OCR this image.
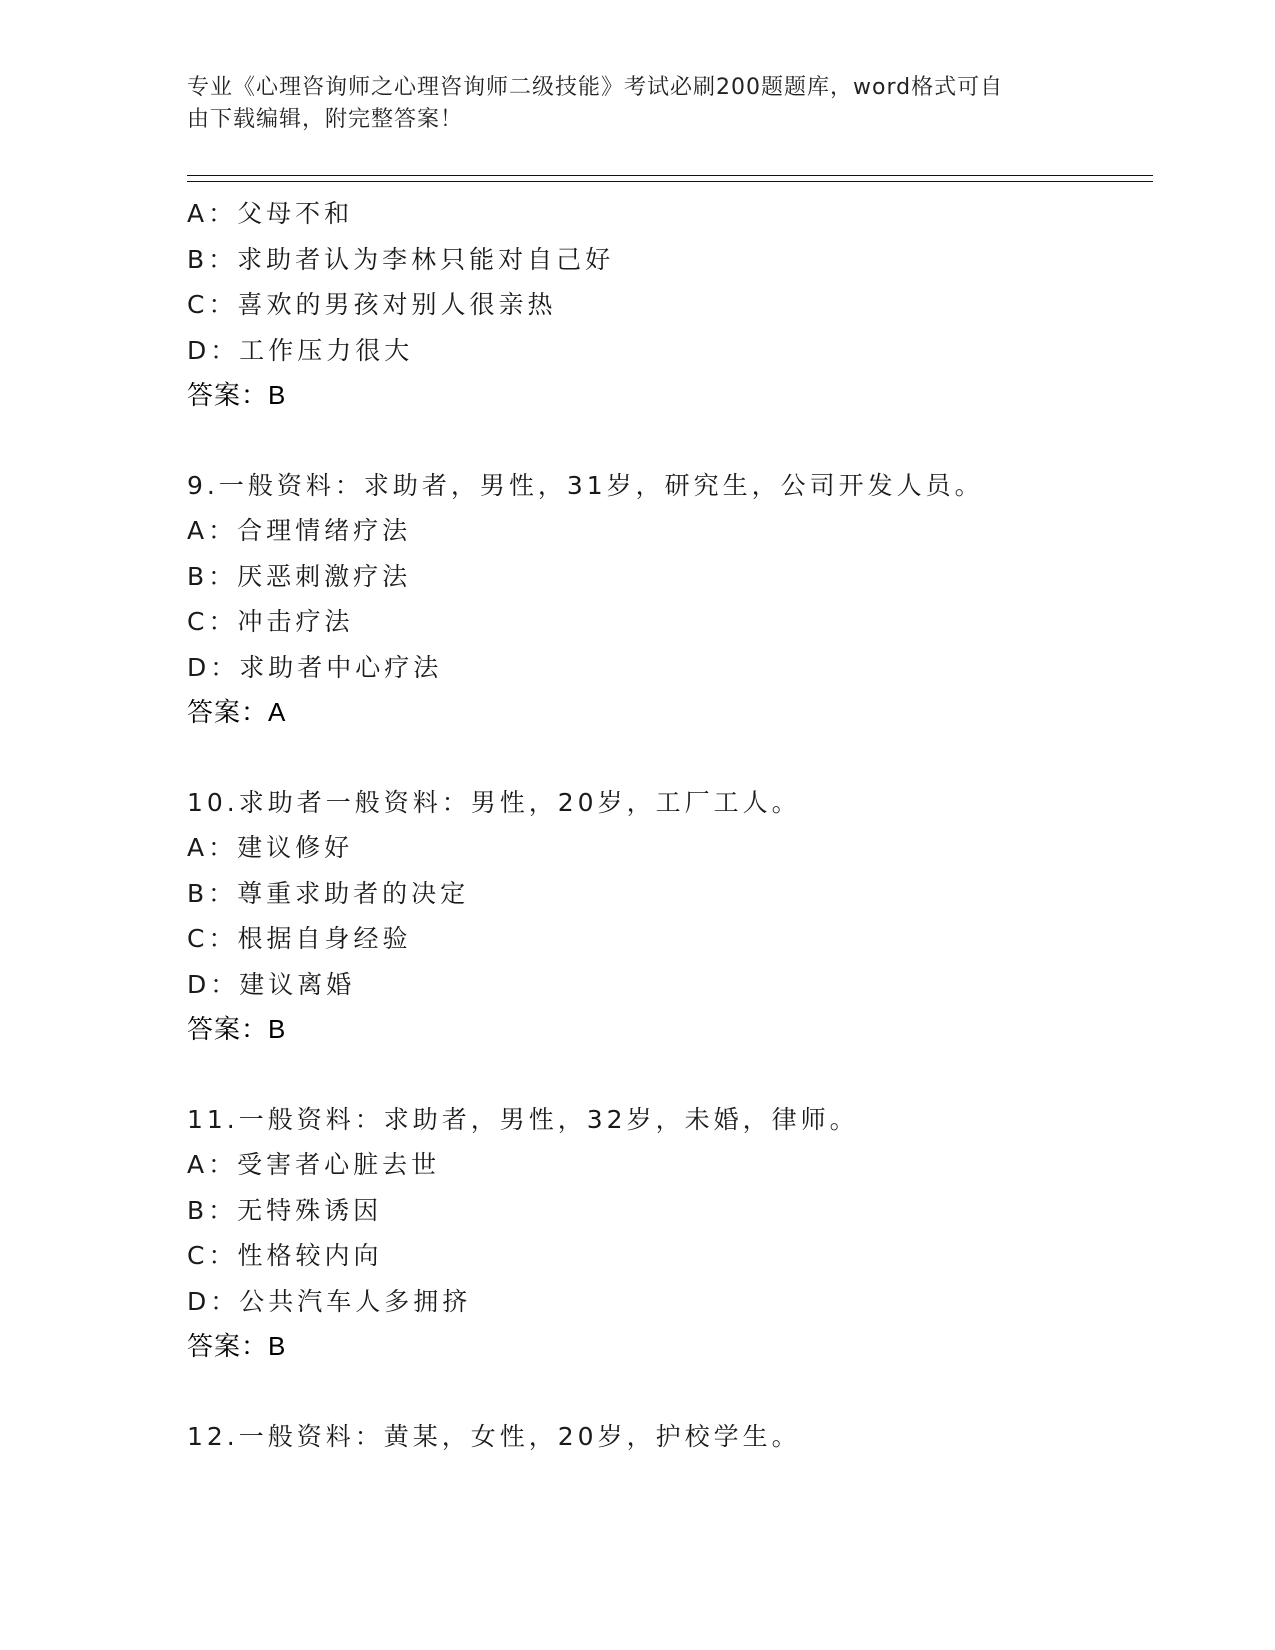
专业《心理咨询师之心理咨询师二级技能》考试必刷200题题库，word格式可自
由下载编辑，附完整答案！
A：父母不和
B：求助者认为李林只能对自己好
C：喜欢的男孩对别人很亲热
D：工作压力很大
答案：B
9.一般资料：求助者，男性，31岁，研究生，公司开发人员。
A：合理情绪疗法
B：厌恶刺激疗法
C：冲击疗法
D：求助者中心疗法
答案：A
10.求助者一般资料：男性，20岁，工厂工人。
A：建议修好
B：尊重求助者的决定
C：根据自身经验
D：建议离婚
答案：B
11.一般资料：求助者，男性，32岁，未婚，律师。
A：受害者心脏去世
B：无特殊诱因
C：性格较内向
D：公共汽车人多拥挤
答案：B
12.一般资料：黄某，女性，20岁，护校学生。
